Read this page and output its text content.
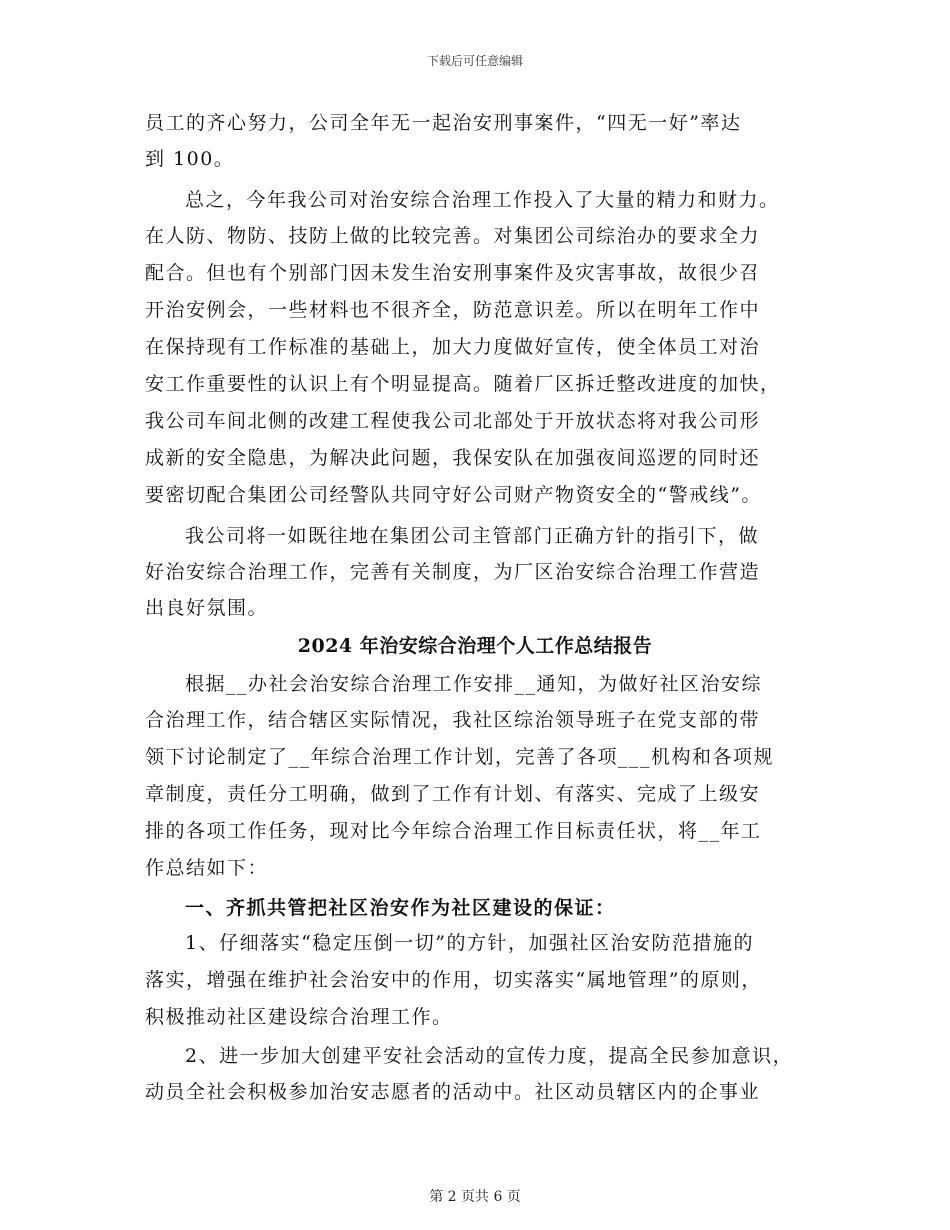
下载后可任意编辑
员工的齐心努力，公司全年无一起治安刑事案件，“四无一好”率达
到 100。
总之，今年我公司对治安综合治理工作投入了大量的精力和财力。
在人防、物防、技防上做的比较完善。对集团公司综治办的要求全力
配合。但也有个别部门因未发生治安刑事案件及灾害事故，故很少召
开治安例会，一些材料也不很齐全，防范意识差。所以在明年工作中
在保持现有工作标准的基础上，加大力度做好宣传，使全体员工对治
安工作重要性的认识上有个明显提高。随着厂区拆迁整改进度的加快，
我公司车间北侧的改建工程使我公司北部处于开放状态将对我公司形
成新的安全隐患，为解决此问题，我保安队在加强夜间巡逻的同时还
要密切配合集团公司经警队共同守好公司财产物资安全的“警戒线”。
我公司将一如既往地在集团公司主管部门正确方针的指引下，做
好治安综合治理工作，完善有关制度，为厂区治安综合治理工作营造
出良好氛围。
2024 年治安综合治理个人工作总结报告
根据__办社会治安综合治理工作安排__通知，为做好社区治安综
合治理工作，结合辖区实际情况，我社区综治领导班子在党支部的带
领下讨论制定了__年综合治理工作计划，完善了各项___机构和各项规
章制度，责任分工明确，做到了工作有计划、有落实、完成了上级安
排的各项工作任务，现对比今年综合治理工作目标责任状，将__年工
作总结如下：
一、齐抓共管把社区治安作为社区建设的保证：
1、仔细落实“稳定压倒一切”的方针，加强社区治安防范措施的
落实，增强在维护社会治安中的作用，切实落实“属地管理”的原则，
积极推动社区建设综合治理工作。
2、进一步加大创建平安社会活动的宣传力度，提高全民参加意识，
动员全社会积极参加治安志愿者的活动中。社区动员辖区内的企事业
第 2 页共 6 页
